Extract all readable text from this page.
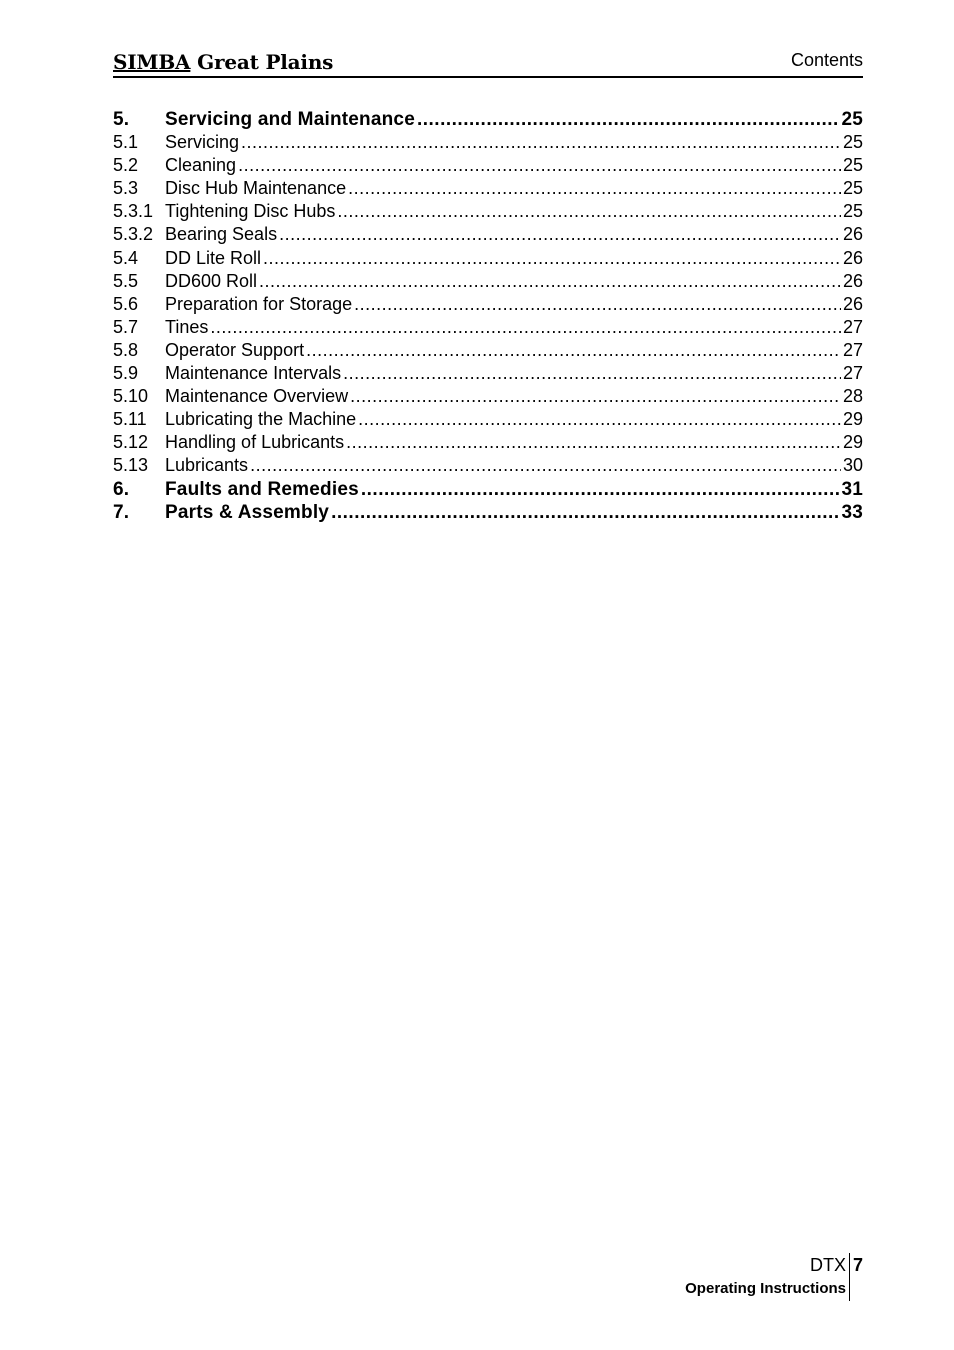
SIMBA Great Plains	Contents
5.	Servicing and Maintenance .....	25
5.1	Servicing .....	25
5.2	Cleaning .....	25
5.3	Disc Hub Maintenance .....	25
5.3.1 Tightening Disc Hubs .....	25
5.3.2 Bearing Seals .....	26
5.4	DD Lite Roll .....	26
5.5	DD600 Roll .....	26
5.6	Preparation for Storage .....	26
5.7	Tines .....	27
5.8	Operator Support .....	27
5.9	Maintenance Intervals .....	27
5.10 Maintenance Overview .....	28
5.11	Lubricating the Machine .....	29
5.12 Handling of Lubricants .....	29
5.13 Lubricants .....	30
6.	Faults and Remedies .....	31
7.	Parts & Assembly .....	33
DTX 7
Operating Instructions
